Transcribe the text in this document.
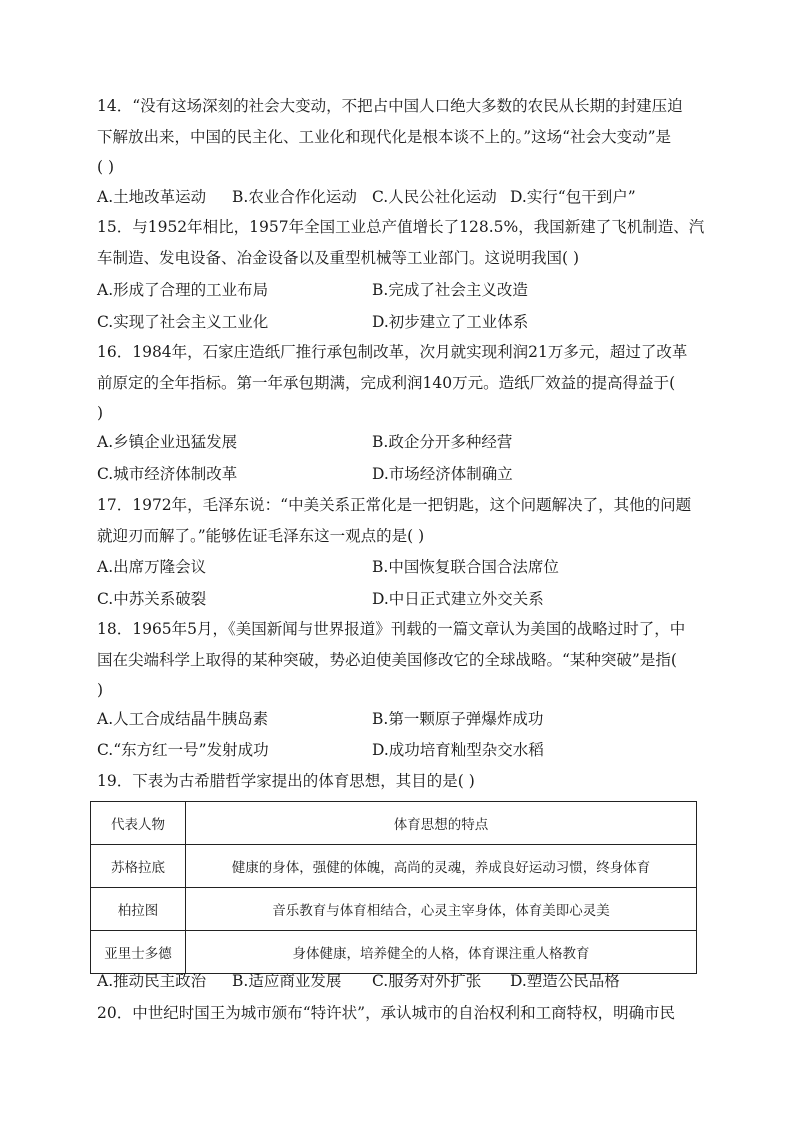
14．“没有这场深刻的社会大变动，不把占中国人口绝大多数的农民从长期的封建压迫
下解放出来，中国的民主化、工业化和现代化是根本谈不上的。”这场“社会大变动”是
( )
A.土地改革运动 B.农业合作化运动 C.人民公社化运动 D.实行“包干到户”
15．与1952年相比，1957年全国工业总产值增长了128.5%，我国新建了飞机制造、汽
车制造、发电设备、冶金设备以及重型机械等工业部门。这说明我国( )
A.形成了合理的工业布局	B.完成了社会主义改造
C.实现了社会主义工业化	D.初步建立了工业体系
16．1984年，石家庄造纸厂推行承包制改革，次月就实现利润21万多元，超过了改革
前原定的全年指标。第一年承包期满，完成利润140万元。造纸厂效益的提高得益于(
)
A.乡镇企业迅猛发展	B.政企分开多种经营
C.城市经济体制改革	D.市场经济体制确立
17．1972年，毛泽东说：“中美关系正常化是一把钥匙，这个问题解决了，其他的问题
就迎刃而解了。”能够佐证毛泽东这一观点的是( )
A.出席万隆会议	B.中国恢复联合国合法席位
C.中苏关系破裂	D.中日正式建立外交关系
18．1965年5月，《美国新闻与世界报道》刊载的一篇文章认为美国的战略过时了，中
国在尖端科学上取得的某种突破，势必迫使美国修改它的全球战略。“某种突破”是指(
)
A.人工合成结晶牛胰岛素	B.第一颗原子弹爆炸成功
C.“东方红一号”发射成功	D.成功培育籼型杂交水稻
19．下表为古希腊哲学家提出的体育思想，其目的是( )
代表人物	体育思想的特点
苏格拉底	健康的身体，强健的体魄，高尚的灵魂，养成良好运动习惯，终身体育
柏拉图	音乐教育与体育相结合，心灵主宰身体，体育美即心灵美
亚里士多德	身体健康，培养健全的人格，体育课注重人格教育
A.推动民主政治 B.适应商业发展 C.服务对外扩张 D.塑造公民品格
20．中世纪时国王为城市颁布“特许状”，承认城市的自治权利和工商特权，明确市民
